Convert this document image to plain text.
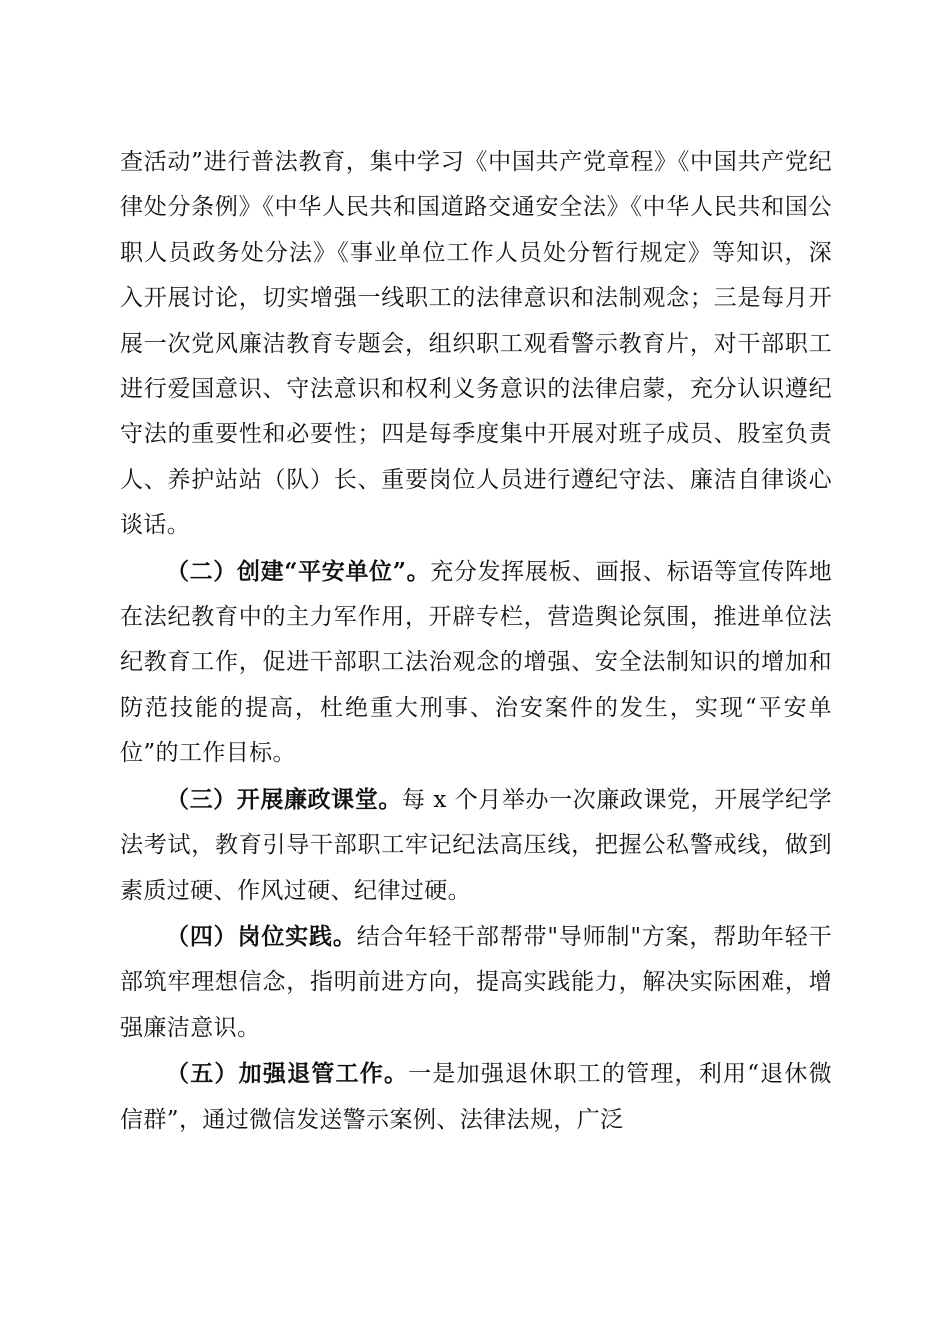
查活动”进行普法教育，集中学习《中国共产党章程》《中国共产党纪律处分条例》《中华人民共和国道路交通安全法》《中华人民共和国公职人员政务处分法》《事业单位工作人员处分暂行规定》等知识，深入开展讨论，切实增强一线职工的法律意识和法制观念；三是每月开展一次党风廉洁教育专题会，组织职工观看警示教育片，对干部职工进行爱国意识、守法意识和权利义务意识的法律启蒙，充分认识遵纪守法的重要性和必要性；四是每季度集中开展对班子成员、股室负责人、养护站站（队）长、重要岗位人员进行遵纪守法、廉洁自律谈心谈话。

（二）创建“平安单位”。充分发挥展板、画报、标语等宣传阵地在法纪教育中的主力军作用，开辟专栏，营造舆论氛围，推进单位法纪教育工作，促进干部职工法治观念的增强、安全法制知识的增加和防范技能的提高，杜绝重大刑事、治安案件的发生，实现“平安单位”的工作目标。

（三）开展廉政课堂。每 x 个月举办一次廉政课党，开展学纪学法考试，教育引导干部职工牢记纪法高压线，把握公私警戒线，做到素质过硬、作风过硬、纪律过硬。

（四）岗位实践。结合年轻干部帮带"导师制"方案，帮助年轻干部筑牢理想信念，指明前进方向，提高实践能力，解决实际困难，增强廉洁意识。

（五）加强退管工作。一是加强退休职工的管理，利用“退休微信群”，通过微信发送警示案例、法律法规，广泛
